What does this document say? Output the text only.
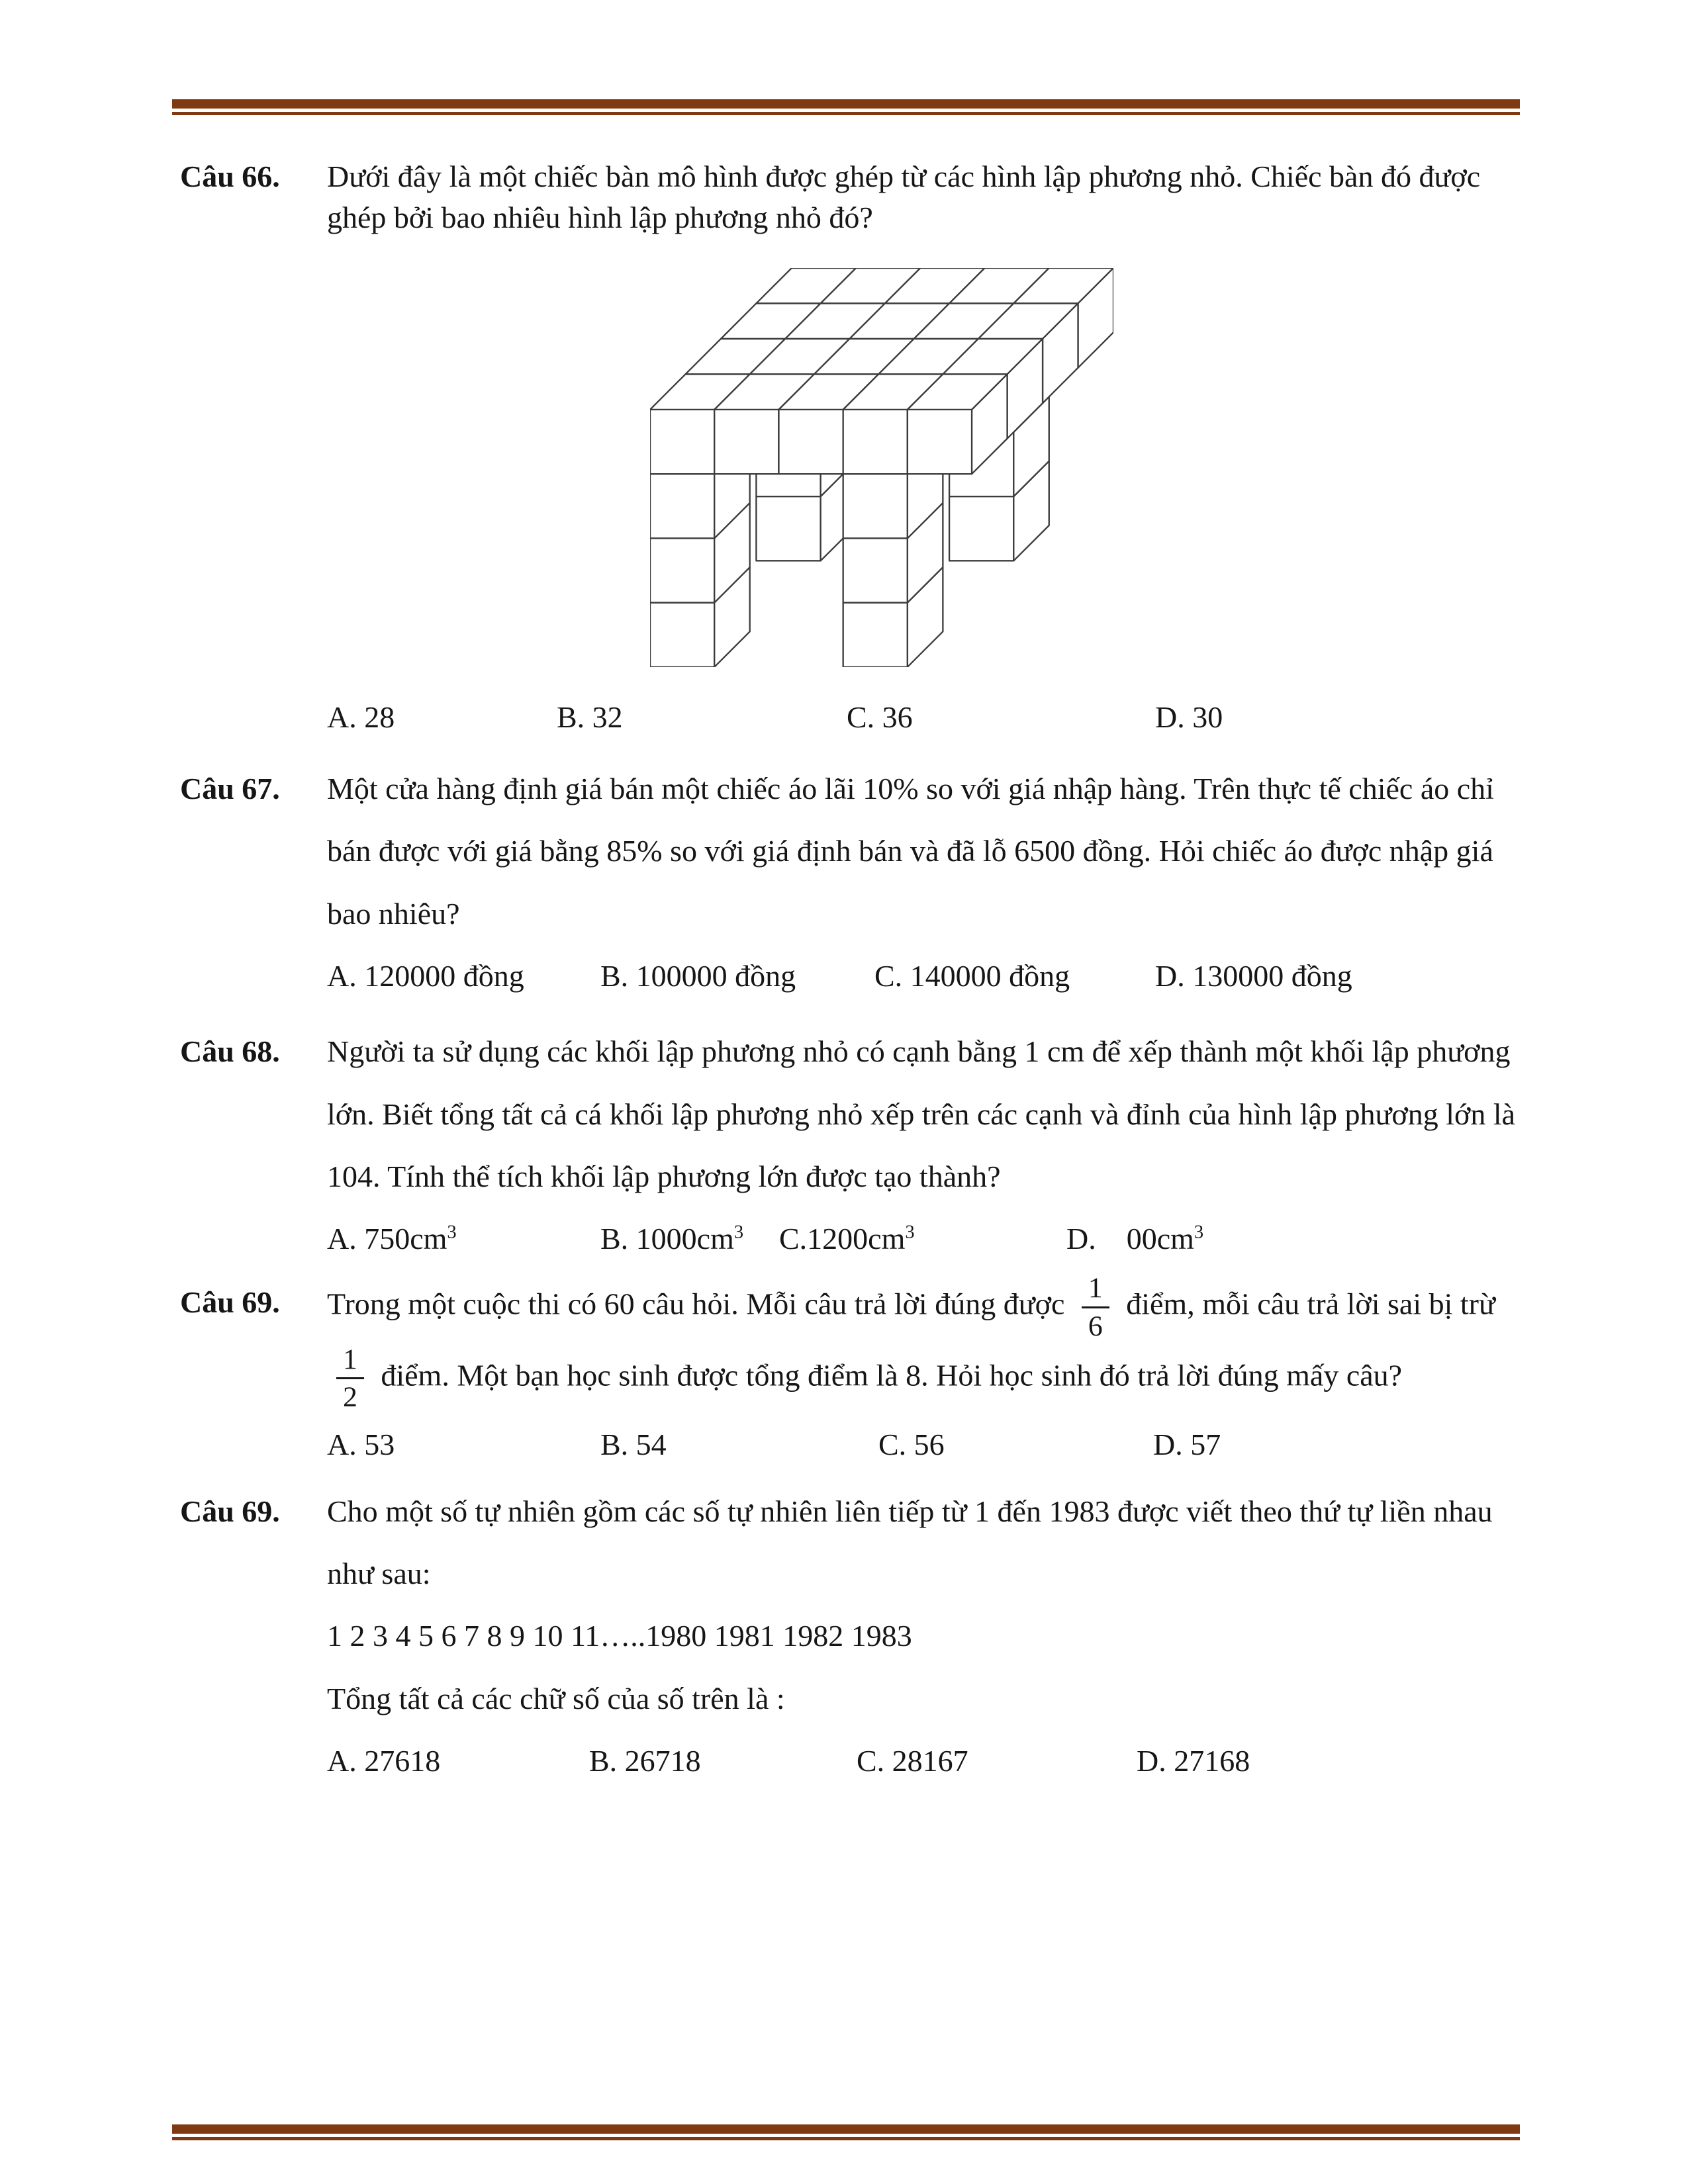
Câu 66.	Dưới đây là một chiếc bàn mô hình được ghép từ các hình lập phương nhỏ. Chiếc bàn đó được ghép bởi bao nhiêu hình lập phương nhỏ đó?

A. 28	B. 32	C. 36	D. 30
Câu 67.	Một cửa hàng định giá bán một chiếc áo lãi 10% so với giá nhập hàng. Trên thực tế chiếc áo chỉ bán được với giá bằng 85% so với giá định bán và đã lỗ 6500 đồng. Hỏi chiếc áo được nhập giá bao nhiêu?

A. 120000 đồng	B. 100000 đồng	C. 140000 đồng	D. 130000 đồng
Câu 68.	Người ta sử dụng các khối lập phương nhỏ có cạnh bằng 1 cm để xếp thành một khối lập phương lớn. Biết tổng tất cả cá khối lập phương nhỏ xếp trên các cạnh và đỉnh của hình lập phương lớn là 104. Tính thể tích khối lập phương lớn được tạo thành?

A. $750cm^3$	B. $1000cm^3$	$C.1200cm^3$	D.    $00cm^3$
Câu 69.	Trong một cuộc thi có 60 câu hỏi. Mỗi câu trả lời đúng được $\frac{1}{6}$ điểm, mỗi câu trả lời sai bị trừ
$\frac{1}{2}$ điểm. Một bạn học sinh được tổng điểm là 8. Hỏi học sinh đó trả lời đúng mấy câu?

A. 53	B. 54	C. 56	D. 57
Câu 69.	Cho một số tự nhiên gồm các số tự nhiên liên tiếp từ 1 đến 1983 được viết theo thứ tự liền nhau như sau:

1 2 3 4 5 6 7 8 9 10 11…..1980 1981 1982 1983

Tổng tất cả các chữ số của số trên là :

A. 27618	B. 26718	C. 28167	D. 27168
